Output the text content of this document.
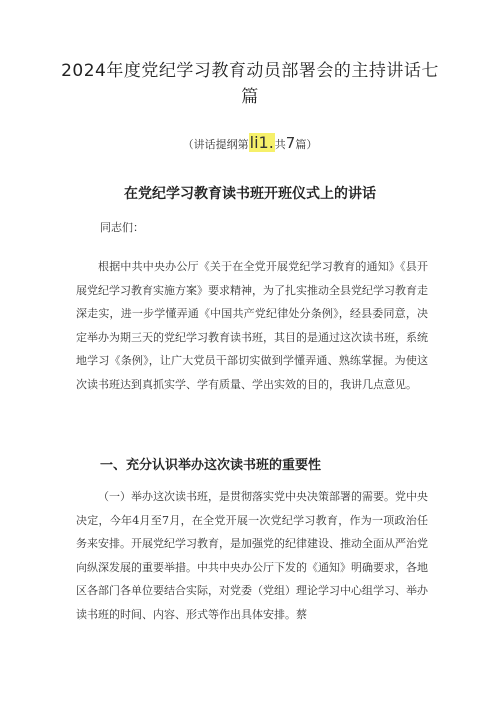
2024年度党纪学习教育动员部署会的主持讲话七篇
（讲话提纲第li1.共7篇）
在党纪学习教育读书班开班仪式上的讲话
同志们：

根据中共中央办公厅《关于在全党开展党纪学习教育的通知》《县开展党纪学习教育实施方案》要求精神，为了扎实推动全县党纪学习教育走深走实，进一步学懂弄通《中国共产党纪律处分条例》，经县委同意，决定举办为期三天的党纪学习教育读书班，其目的是通过这次读书班，系统地学习《条例》，让广大党员干部切实做到学懂弄通、熟练掌握。为使这次读书班达到真抓实学、学有质量、学出实效的目的，我讲几点意见。

一、充分认识举办这次读书班的重要性

（一）举办这次读书班，是贯彻落实党中央决策部署的需要。党中央决定，今年4月至7月，在全党开展一次党纪学习教育，作为一项政治任务来安排。开展党纪学习教育，是加强党的纪律建设、推动全面从严治党向纵深发展的重要举措。中共中央办公厅下发的《通知》明确要求，各地区各部门各单位要结合实际，对党委（党组）理论学习中心组学习、举办读书班的时间、内容、形式等作出具体安排。蔡
